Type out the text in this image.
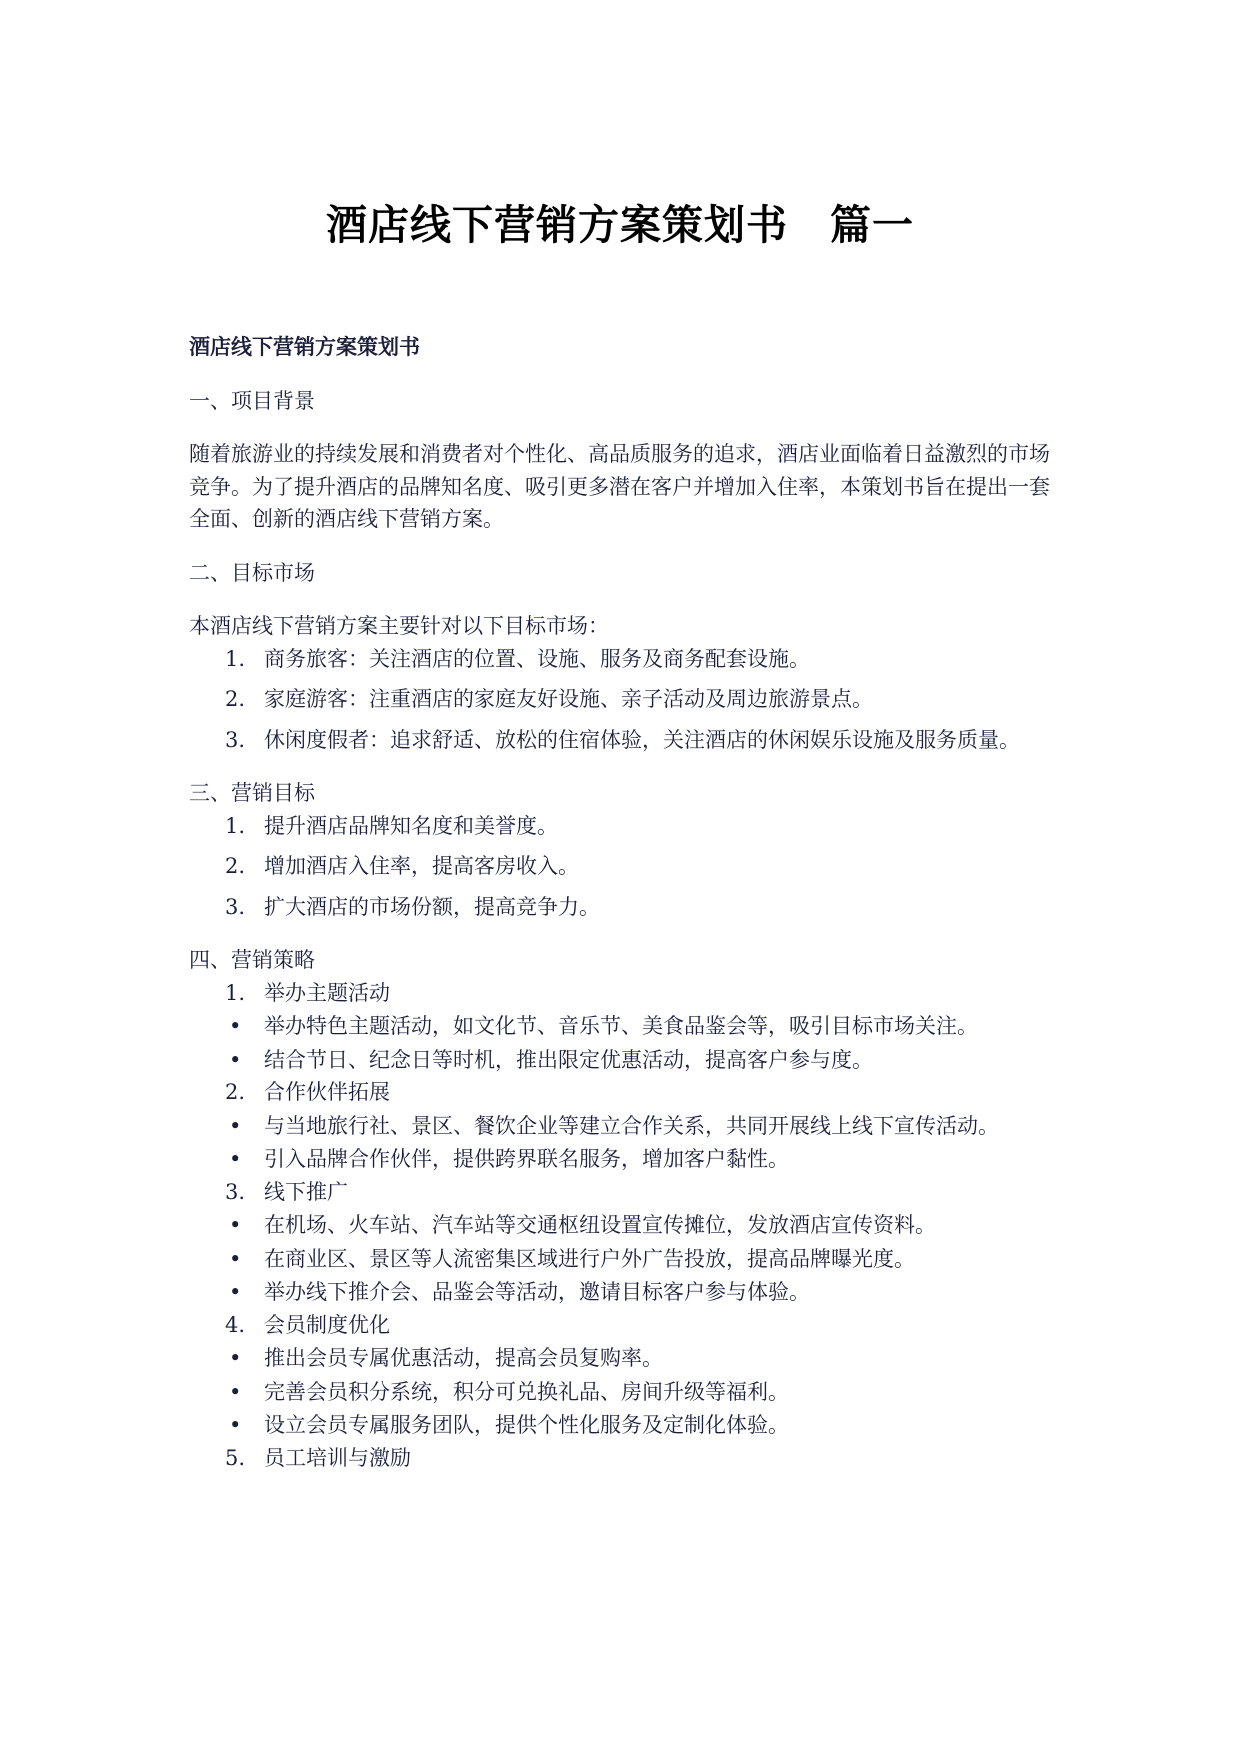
酒店线下营销方案策划书　篇一
酒店线下营销方案策划书
一、项目背景
随着旅游业的持续发展和消费者对个性化、高品质服务的追求，酒店业面临着日益激烈的市场竞争。为了提升酒店的品牌知名度、吸引更多潜在客户并增加入住率，本策划书旨在提出一套全面、创新的酒店线下营销方案。
二、目标市场
本酒店线下营销方案主要针对以下目标市场：
1. 商务旅客：关注酒店的位置、设施、服务及商务配套设施。
2. 家庭游客：注重酒店的家庭友好设施、亲子活动及周边旅游景点。
3. 休闲度假者：追求舒适、放松的住宿体验，关注酒店的休闲娱乐设施及服务质量。
三、营销目标
1. 提升酒店品牌知名度和美誉度。
2. 增加酒店入住率，提高客房收入。
3. 扩大酒店的市场份额，提高竞争力。
四、营销策略
1. 举办主题活动
• 举办特色主题活动，如文化节、音乐节、美食品鉴会等，吸引目标市场关注。
• 结合节日、纪念日等时机，推出限定优惠活动，提高客户参与度。
2. 合作伙伴拓展
• 与当地旅行社、景区、餐饮企业等建立合作关系，共同开展线上线下宣传活动。
• 引入品牌合作伙伴，提供跨界联名服务，增加客户黏性。
3. 线下推广
• 在机场、火车站、汽车站等交通枢纽设置宣传摊位，发放酒店宣传资料。
• 在商业区、景区等人流密集区域进行户外广告投放，提高品牌曝光度。
• 举办线下推介会、品鉴会等活动，邀请目标客户参与体验。
4. 会员制度优化
• 推出会员专属优惠活动，提高会员复购率。
• 完善会员积分系统，积分可兑换礼品、房间升级等福利。
• 设立会员专属服务团队，提供个性化服务及定制化体验。
5. 员工培训与激励
